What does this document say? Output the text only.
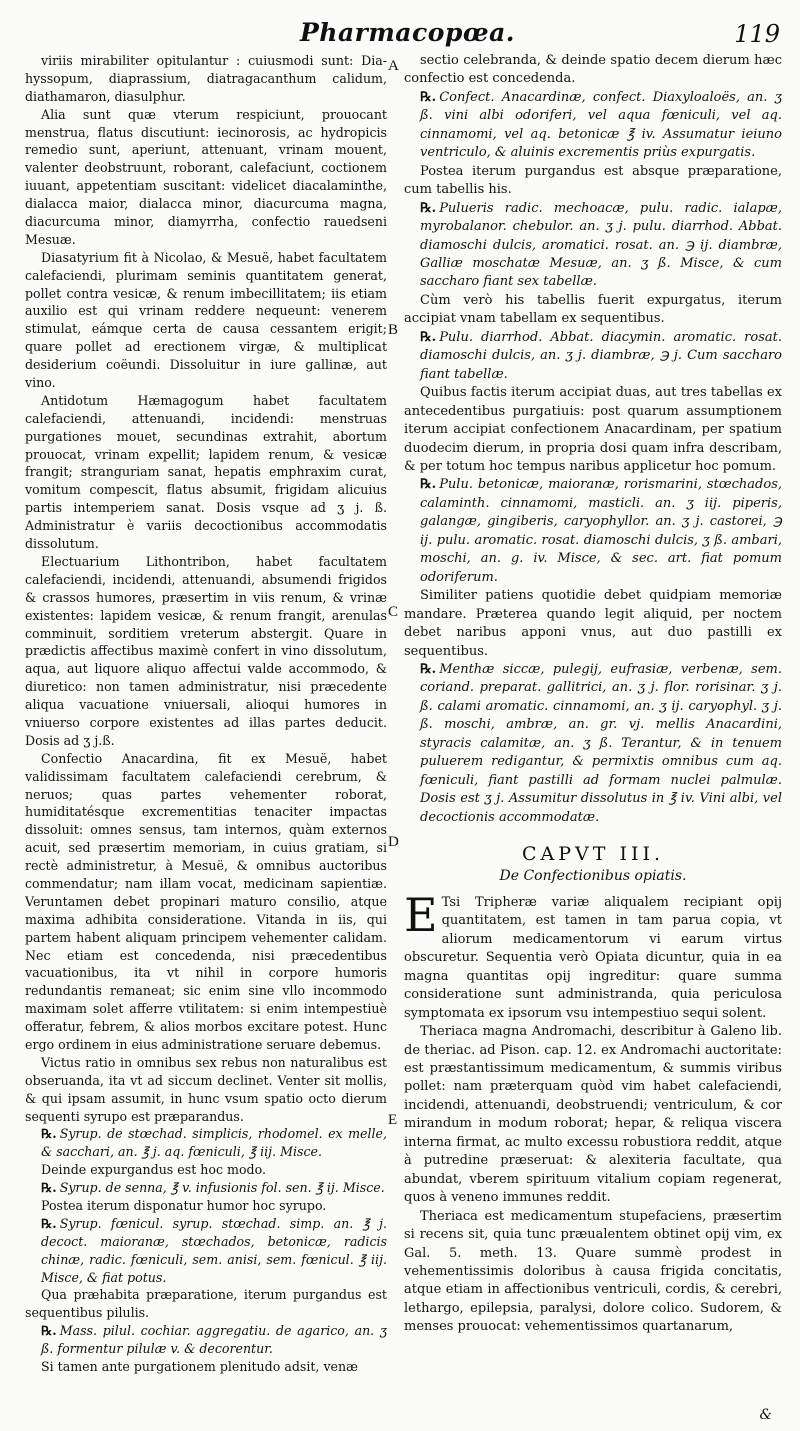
Pharmacopœa.	119
A
B
C
D
E

viriis mirabiliter opitulantur : cuiusmodi sunt: Dia-hyssopum, diaprassium, diatragacanthum calidum, diathamaron, diasulphur.

Alia sunt quæ vterum respiciunt, prouocant menstrua, flatus discutiunt: iecinorosis, ac hydropicis remedio sunt, aperiunt, attenuant, vrinam mouent, valenter deobstruunt, roborant, calefaciunt, coctionem iuuant, appetentiam suscitant: videlicet diacalaminthe, dialacca maior, dialacca minor, diacurcuma magna, diacurcuma minor, diamyrrha, confectio rauedseni Mesuæ.

Diasatyrium fit à Nicolao, & Mesuë, habet facultatem calefaciendi, plurimam seminis quantitatem generat, pollet contra vesicæ, & renum imbecillitatem; iis etiam auxilio est qui vrinam reddere nequeunt: venerem stimulat, eámque certa de causa cessantem erigit; quare pollet ad erectionem virgæ, & multiplicat desiderium coëundi. Dissoluitur in iure gallinæ, aut vino.

Antidotum Hæmagogum habet facultatem calefaciendi, attenuandi, incidendi: menstruas purgationes mouet, secundinas extrahit, abortum prouocat, vrinam expellit; lapidem renum, & vesicæ frangit; stranguriam sanat, hepatis emphraxim curat, vomitum compescit, flatus absumit, frigidam alicuius partis intemperiem sanat. Dosis vsque ad ʒ j. ß. Administratur è variis decoctionibus accommodatis dissolutum.

Electuarium Lithontribon, habet facultatem calefaciendi, incidendi, attenuandi, absumendi frigidos & crassos humores, præsertim in viis renum, & vrinæ existentes: lapidem vesicæ, & renum frangit, arenulas comminuit, sorditiem vreterum abstergit. Quare in prædictis affectibus maximè confert in vino dissolutum, aqua, aut liquore aliquo affectui valde accommodo, & diuretico: non tamen administratur, nisi præcedente aliqua vacuatione vniuersali, alioqui humores in vniuerso corpore existentes ad illas partes deducit. Dosis ad ʒ j.ß.

Confectio Anacardina, fit ex Mesuë, habet validissimam facultatem calefaciendi cerebrum, & neruos; quas partes vehementer roborat, humiditatésque excrementitias tenaciter impactas dissoluit: omnes sensus, tam internos, quàm externos acuit, sed præsertim memoriam, in cuius gratiam, si rectè administretur, à Mesuë, & omnibus auctoribus commendatur; nam illam vocat, medicinam sapientiæ. Veruntamen debet propinari maturo consilio, atque maxima adhibita consideratione. Vitanda in iis, qui partem habent aliquam principem vehementer calidam. Nec etiam est concedenda, nisi præcedentibus vacuationibus, ita vt nihil in corpore humoris redundantis remaneat; sic enim sine vllo incommodo maximam solet afferre vtilitatem: si enim intempestiuè offeratur, febrem, & alios morbos excitare potest. Hunc ergo ordinem in eius administratione seruare debemus.

Victus ratio in omnibus sex rebus non naturalibus est obseruanda, ita vt ad siccum declinet. Venter sit mollis, & qui ipsam assumit, in hunc vsum spatio octo dierum sequenti syrupo est præparandus.

℞. Syrup. de stœchad. simplicis, rhodomel. ex melle, & sacchari, an. ℥ j. aq. fœniculi, ℥ iij. Misce.

Deinde expurgandus est hoc modo.

℞. Syrup. de senna, ℥ v. infusionis fol. sen. ℥ ij. Misce.

Postea iterum disponatur humor hoc syrupo.

℞. Syrup. fœnicul. syrup. stœchad. simp. an. ℥ j. decoct. maioranæ, stœchados, betonicæ, radicis chinæ, radic. fœniculi, sem. anisi, sem. fœnicul. ℥ iij. Misce, & fiat potus.

Qua præhabita præparatione, iterum purgandus est sequentibus pilulis.

℞. Mass. pilul. cochiar. aggregatiu. de agarico, an. ʒ ß. formentur pilulæ v. & decorentur.

Si tamen ante purgationem plenitudo adsit, venæ

sectio celebranda, & deinde spatio decem dierum hæc confectio est concedenda.

℞. Confect. Anacardinæ, confect. Diaxyloaloës, an. ʒ ß. vini albi odoriferi, vel aqua fœniculi, vel aq. cinnamomi, vel aq. betonicæ ℥ iv. Assumatur ieiuno ventriculo, & aluinis excrementis priùs expurgatis.

Postea iterum purgandus est absque præparatione, cum tabellis his.

℞. Pulueris radic. mechoacæ, pulu. radic. ialapæ, myrobalanor. chebulor. an. ʒ j. pulu. diarrhod. Abbat. diamoschi dulcis, aromatici. rosat. an. ℈ ij. diambræ, Galliæ moschatæ Mesuæ, an. ʒ ß. Misce, & cum saccharo fiant sex tabellæ.

Cùm verò his tabellis fuerit expurgatus, iterum accipiat vnam tabellam ex sequentibus.

℞. Pulu. diarrhod. Abbat. diacymin. aromatic. rosat. diamoschi dulcis, an. ʒ j. diambræ, ℈ j. Cum saccharo fiant tabellæ.

Quibus factis iterum accipiat duas, aut tres tabellas ex antecedentibus purgatiuis: post quarum assumptionem iterum accipiat confectionem Anacardinam, per spatium duodecim dierum, in propria dosi quam infra describam, & per totum hoc tempus naribus applicetur hoc pomum.

℞. Pulu. betonicæ, maioranæ, rorismarini, stœchados, calaminth. cinnamomi, masticli. an. ʒ iij. piperis, galangæ, gingiberis, caryophyllor. an. ʒ j. castorei, ℈ ij. pulu. aromatic. rosat. diamoschi dulcis, ʒ ß. ambari, moschi, an. g. iv. Misce, & sec. art. fiat pomum odoriferum.

Similiter patiens quotidie debet quidpiam memoriæ mandare. Præterea quando legit aliquid, per noctem debet naribus apponi vnus, aut duo pastilli ex sequentibus.

℞. Menthæ siccæ, pulegij, eufrasiæ, verbenæ, sem. coriand. preparat. gallitrici, an. ʒ j. flor. rorisinar. ʒ j. ß. calami aromatic. cinnamomi, an. ʒ ij. caryophyl. ʒ j. ß. moschi, ambræ, an. gr. vj. mellis Anacardini, styracis calamitæ, an. ʒ ß. Terantur, & in tenuem puluerem redigantur, & permixtis omnibus cum aq. fœniculi, fiant pastilli ad formam nuclei palmulæ. Dosis est ʒ j. Assumitur dissolutus in ℥ iv. Vini albi, vel decoctionis accommodatæ.

CAPVT III.
De Confectionibus opiatis.

E Tsi Tripheræ variæ aliqualem recipiant opij quantitatem, est tamen in tam parua copia, vt aliorum medicamentorum vi earum virtus obscuretur. Sequentia verò Opiata dicuntur, quia in ea magna quantitas opij ingreditur: quare summa consideratione sunt administranda, quia periculosa symptomata ex ipsorum vsu intempestiuo sequi solent.

Theriaca magna Andromachi, describitur à Galeno lib. de theriac. ad Pison. cap. 12. ex Andromachi auctoritate: est præstantissimum medicamentum, & summis viribus pollet: nam præterquam quòd vim habet calefaciendi, incidendi, attenuandi, deobstruendi; ventriculum, & cor mirandum in modum roborat; hepar, & reliqua viscera interna firmat, ac multo excessu robustiora reddit, atque à putredine præseruat: & alexiteria facultate, qua abundat, vberem spirituum vitalium copiam regenerat, quos à veneno immunes reddit.

Theriaca est medicamentum stupefaciens, præsertim si recens sit, quia tunc præualentem obtinet opij vim, ex Gal. 5. meth. 13. Quare summè prodest in vehementissimis doloribus à causa frigida concitatis, atque etiam in affectionibus ventriculi, cordis, & cerebri, lethargo, epilepsia, paralysi, dolore colico. Sudorem, & menses prouocat: vehementissimos quartanarum,

&
